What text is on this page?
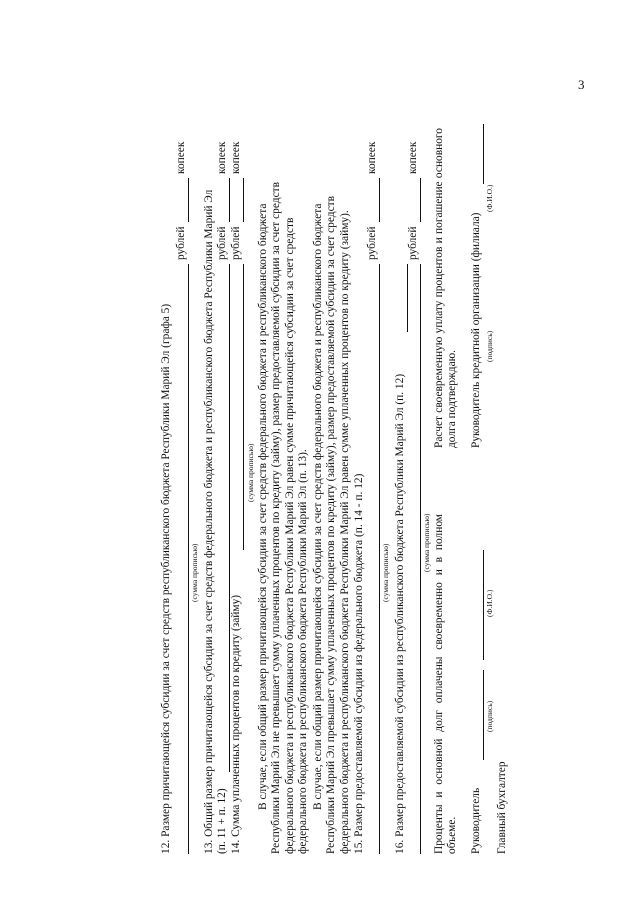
3
12. Размер причитающейся субсидии за счет средств республиканского бюджета Республики Марий Эл (графа 5) (сумма прописью)
рублей
копеек
13. Общий размер причитающейся субсидии за счет средств федерального бюджета и республиканского бюджета Республики Марий Эл (п. 11 + п. 12)
рублей
копеек
14. Сумма уплаченных процентов по кредиту (займу)
рублей
копеек
(сумма прописью) В случае, если общий размер причитающейся субсидии за счет средств федерального бюджета и республиканского бюджета Республики Марий Эл не превышает сумму уплаченных процентов по кредиту (займу), размер предоставляемой субсидии за счет средств федерального бюджета и республиканского бюджета Республики Марий Эл равен сумме причитающейся субсидии за счет средств федерального бюджета и республиканского бюджета Республики Марий Эл (п. 13). В случае, если общий размер причитающейся субсидии за счет средств федерального бюджета и республиканского бюджета Республики Марий Эл превышает сумму уплаченных процентов по кредиту (займу), размер предоставляемой субсидии за счет средств федерального бюджета и республиканского бюджета Республики Марий Эл равен сумме уплаченных процентов по кредиту (займу). 15. Размер предоставляемой субсидии из федерального бюджета (п. 14 - п. 12)
рублей
копеек
(сумма прописью) 16. Размер предоставляемой субсидии из республиканского бюджета Республики Марий Эл (п. 12)
рублей
копеек
(сумма прописью) Проценты и основной долг оплачены своевременно и в полном объеме. Руководитель
(подпись)
(Ф.И.О.)
Расчет своевременную уплату процентов и погашение основного долга подтверждаю. Руководитель кредитной организации (филиала) (подпись)
(Ф.И.О.)
Главный бухгалтер
